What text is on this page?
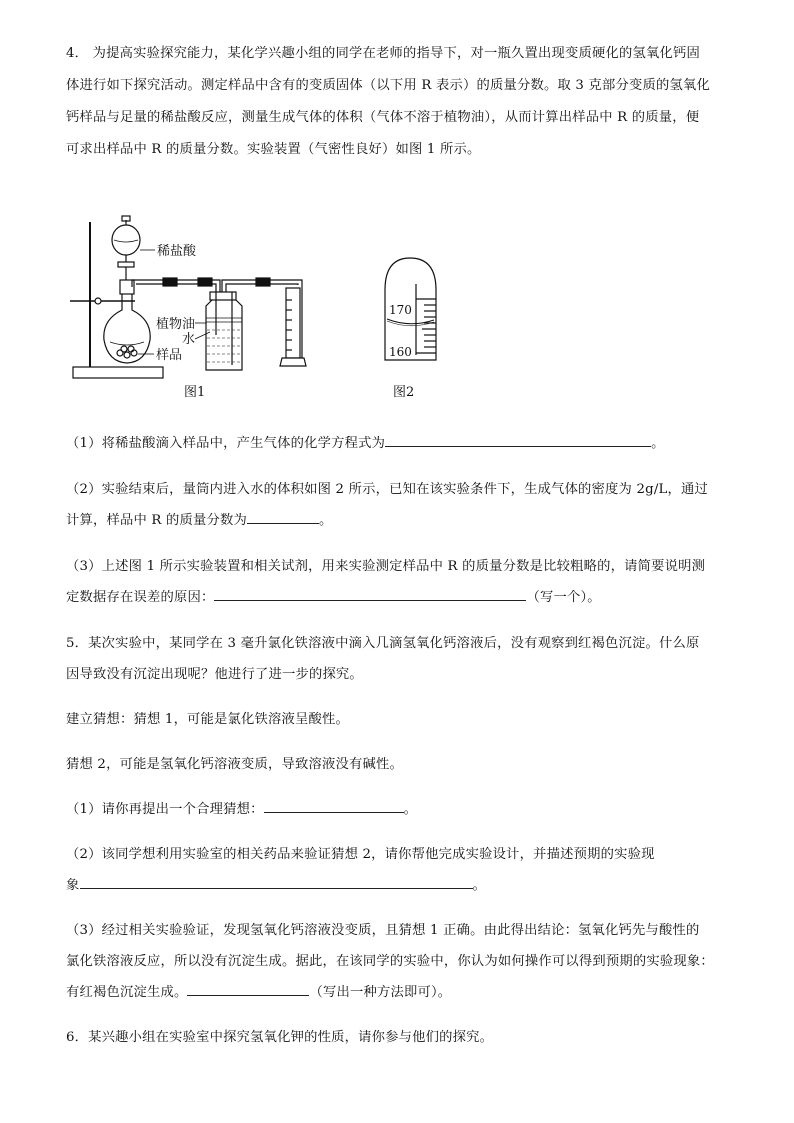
4． 为提高实验探究能力，某化学兴趣小组的同学在老师的指导下，对一瓶久置出现变质硬化的氢氧化钙固
体进行如下探究活动。测定样品中含有的变质固体（以下用 R 表示）的质量分数。取 3 克部分变质的氢氧化
钙样品与足量的稀盐酸反应，测量生成气体的体积（气体不溶于植物油），从而计算出样品中 R 的质量，便
可求出样品中 R 的质量分数。实验装置（气密性良好）如图 1 所示。
稀盐酸
植物油
水
样品
图1
170
160
图2
（1）将稀盐酸滴入样品中，产生气体的化学方程式为	。
（2）实验结束后，量筒内进入水的体积如图 2 所示，已知在该实验条件下，生成气体的密度为 2g/L，通过
计算，样品中 R 的质量分数为	。
（3）上述图 1 所示实验装置和相关试剂，用来实验测定样品中 R 的质量分数是比较粗略的，请简要说明测
定数据存在误差的原因：	（写一个）。
5．某次实验中，某同学在 3 毫升氯化铁溶液中滴入几滴氢氧化钙溶液后，没有观察到红褐色沉淀。什么原
因导致没有沉淀出现呢？他进行了进一步的探究。
建立猜想：猜想 1，可能是氯化铁溶液呈酸性。
猜想 2，可能是氢氧化钙溶液变质，导致溶液没有碱性。
（1）请你再提出一个合理猜想：	。
（2）该同学想利用实验室的相关药品来验证猜想 2，请你帮他完成实验设计，并描述预期的实验现
象	。
（3）经过相关实验验证，发现氢氧化钙溶液没变质，且猜想 1 正确。由此得出结论：氢氧化钙先与酸性的
氯化铁溶液反应，所以没有沉淀生成。据此，在该同学的实验中，你认为如何操作可以得到预期的实验现象：
有红褐色沉淀生成。	（写出一种方法即可）。
6．某兴趣小组在实验室中探究氢氧化钾的性质，请你参与他们的探究。
